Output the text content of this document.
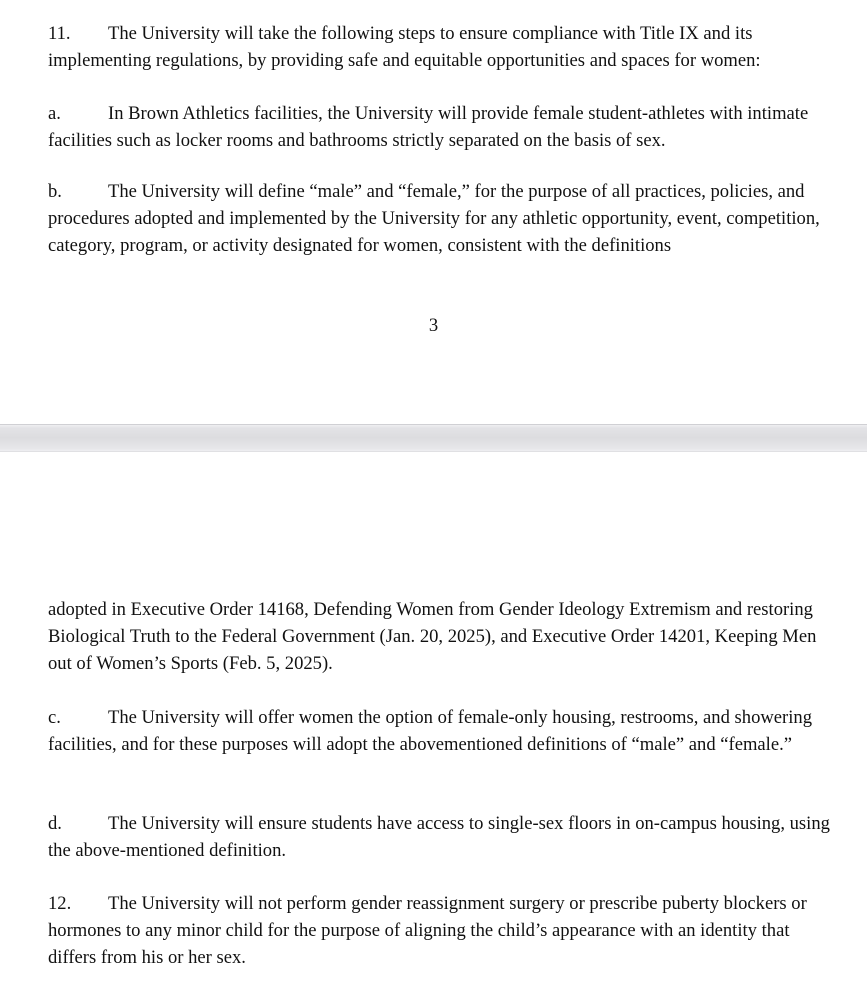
11. The University will take the following steps to ensure compliance with Title IX and its implementing regulations, by providing safe and equitable opportunities and spaces for women:

a.	In Brown Athletics facilities, the University will provide female student-athletes with intimate facilities such as locker rooms and bathrooms strictly separated on the basis of sex.

b. The University will define “male” and “female,” for the purpose of all practices, policies, and procedures adopted and implemented by the University for any athletic opportunity, event, competition, category, program, or activity designated for women, consistent with the definitions

3

adopted in Executive Order 14168, Defending Women from Gender Ideology Extremism and restoring Biological Truth to the Federal Government (Jan. 20, 2025), and Executive Order 14201, Keeping Men out of Women’s Sports (Feb. 5, 2025).

c.	The University will offer women the option of female-only housing, restrooms, and showering facilities, and for these purposes will adopt the abovementioned definitions of “male” and “female.”

d. The University will ensure students have access to single-sex floors in on-campus housing, using the above-mentioned definition.

12. The University will not perform gender reassignment surgery or prescribe puberty blockers or hormones to any minor child for the purpose of aligning the child’s appearance with an identity that differs from his or her sex.
